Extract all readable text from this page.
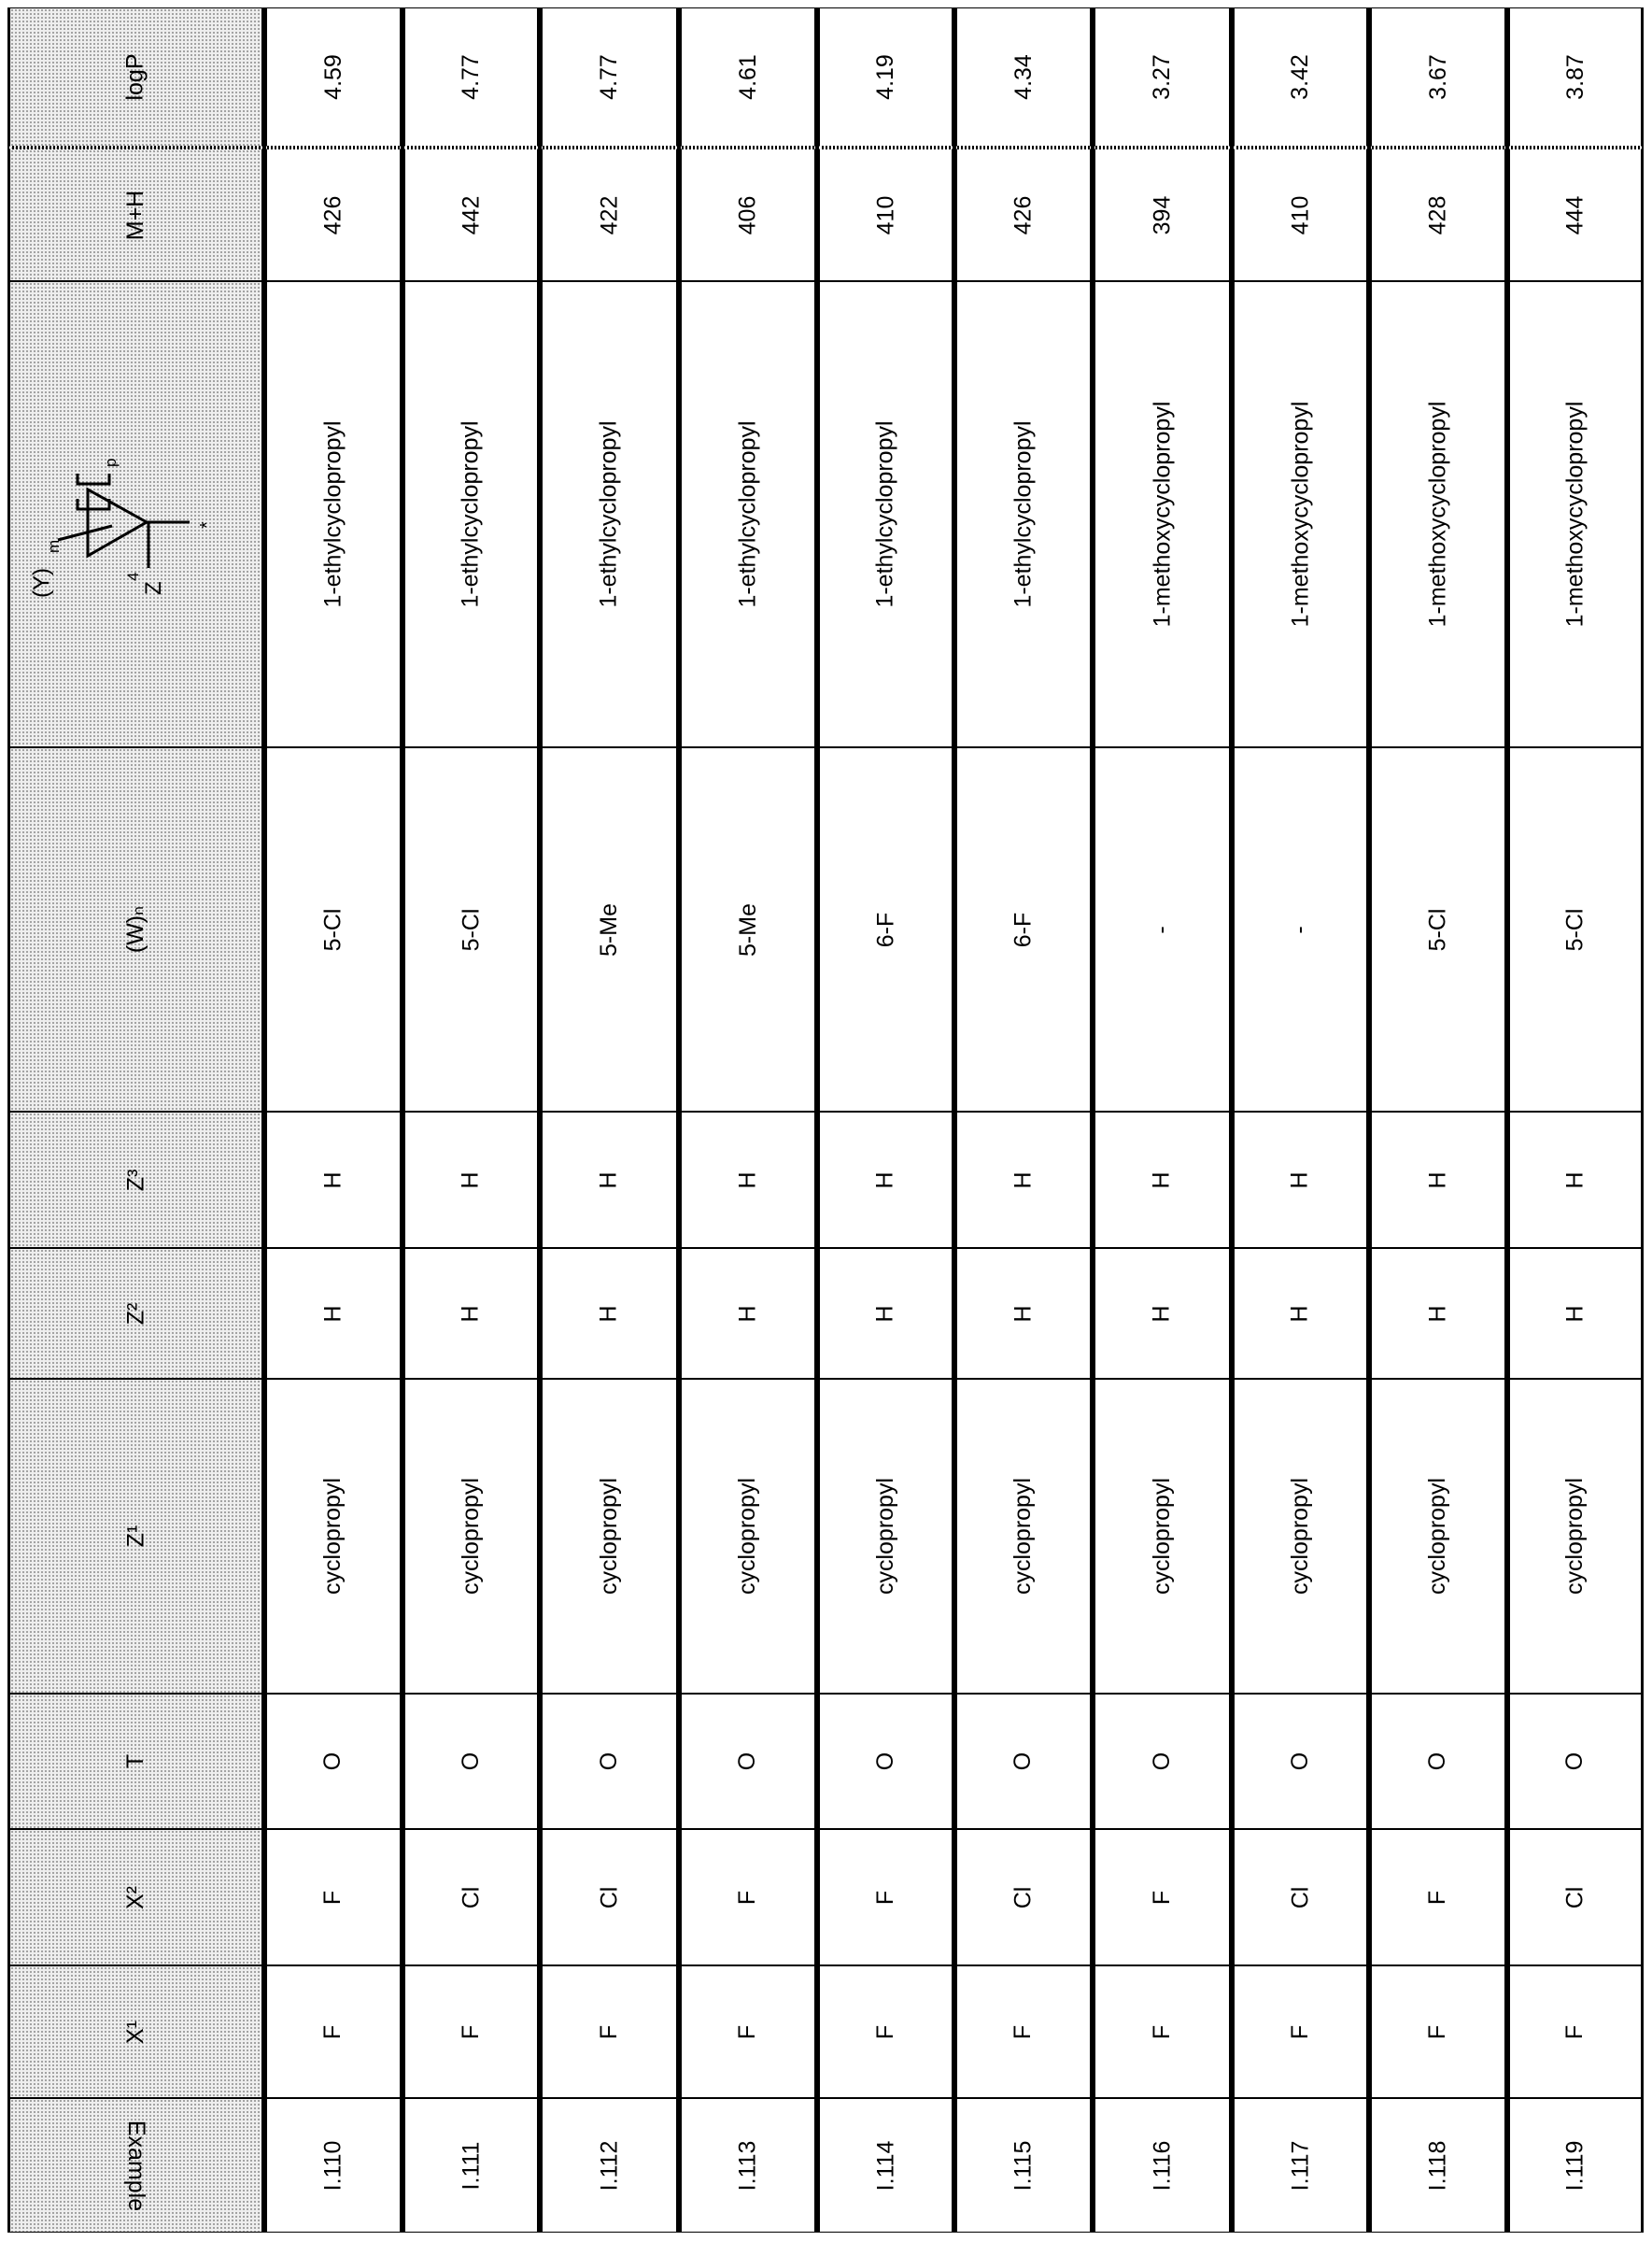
logP
M+H
(W)ₙ
Z³
Z²
Z¹
T
X²
X¹
Example
4.59
426
1-ethylcyclopropyl
5-Cl
H
H
cyclopropyl
O
F
F
I.110
4.77
442
1-ethylcyclopropyl
5-Cl
H
H
cyclopropyl
O
Cl
F
I.111
4.77
422
1-ethylcyclopropyl
5-Me
H
H
cyclopropyl
O
Cl
F
I.112
4.61
406
1-ethylcyclopropyl
5-Me
H
H
cyclopropyl
O
F
F
I.113
4.19
410
1-ethylcyclopropyl
6-F
H
H
cyclopropyl
O
F
F
I.114
4.34
426
1-ethylcyclopropyl
6-F
H
H
cyclopropyl
O
Cl
F
I.115
3.27
394
1-methoxycyclopropyl
-
H
H
cyclopropyl
O
F
F
I.116
3.42
410
1-methoxycyclopropyl
-
H
H
cyclopropyl
O
Cl
F
I.117
3.67
428
1-methoxycyclopropyl
5-Cl
H
H
cyclopropyl
O
F
F
I.118
3.87
444
1-methoxycyclopropyl
5-Cl
H
H
cyclopropyl
O
Cl
F
I.119
